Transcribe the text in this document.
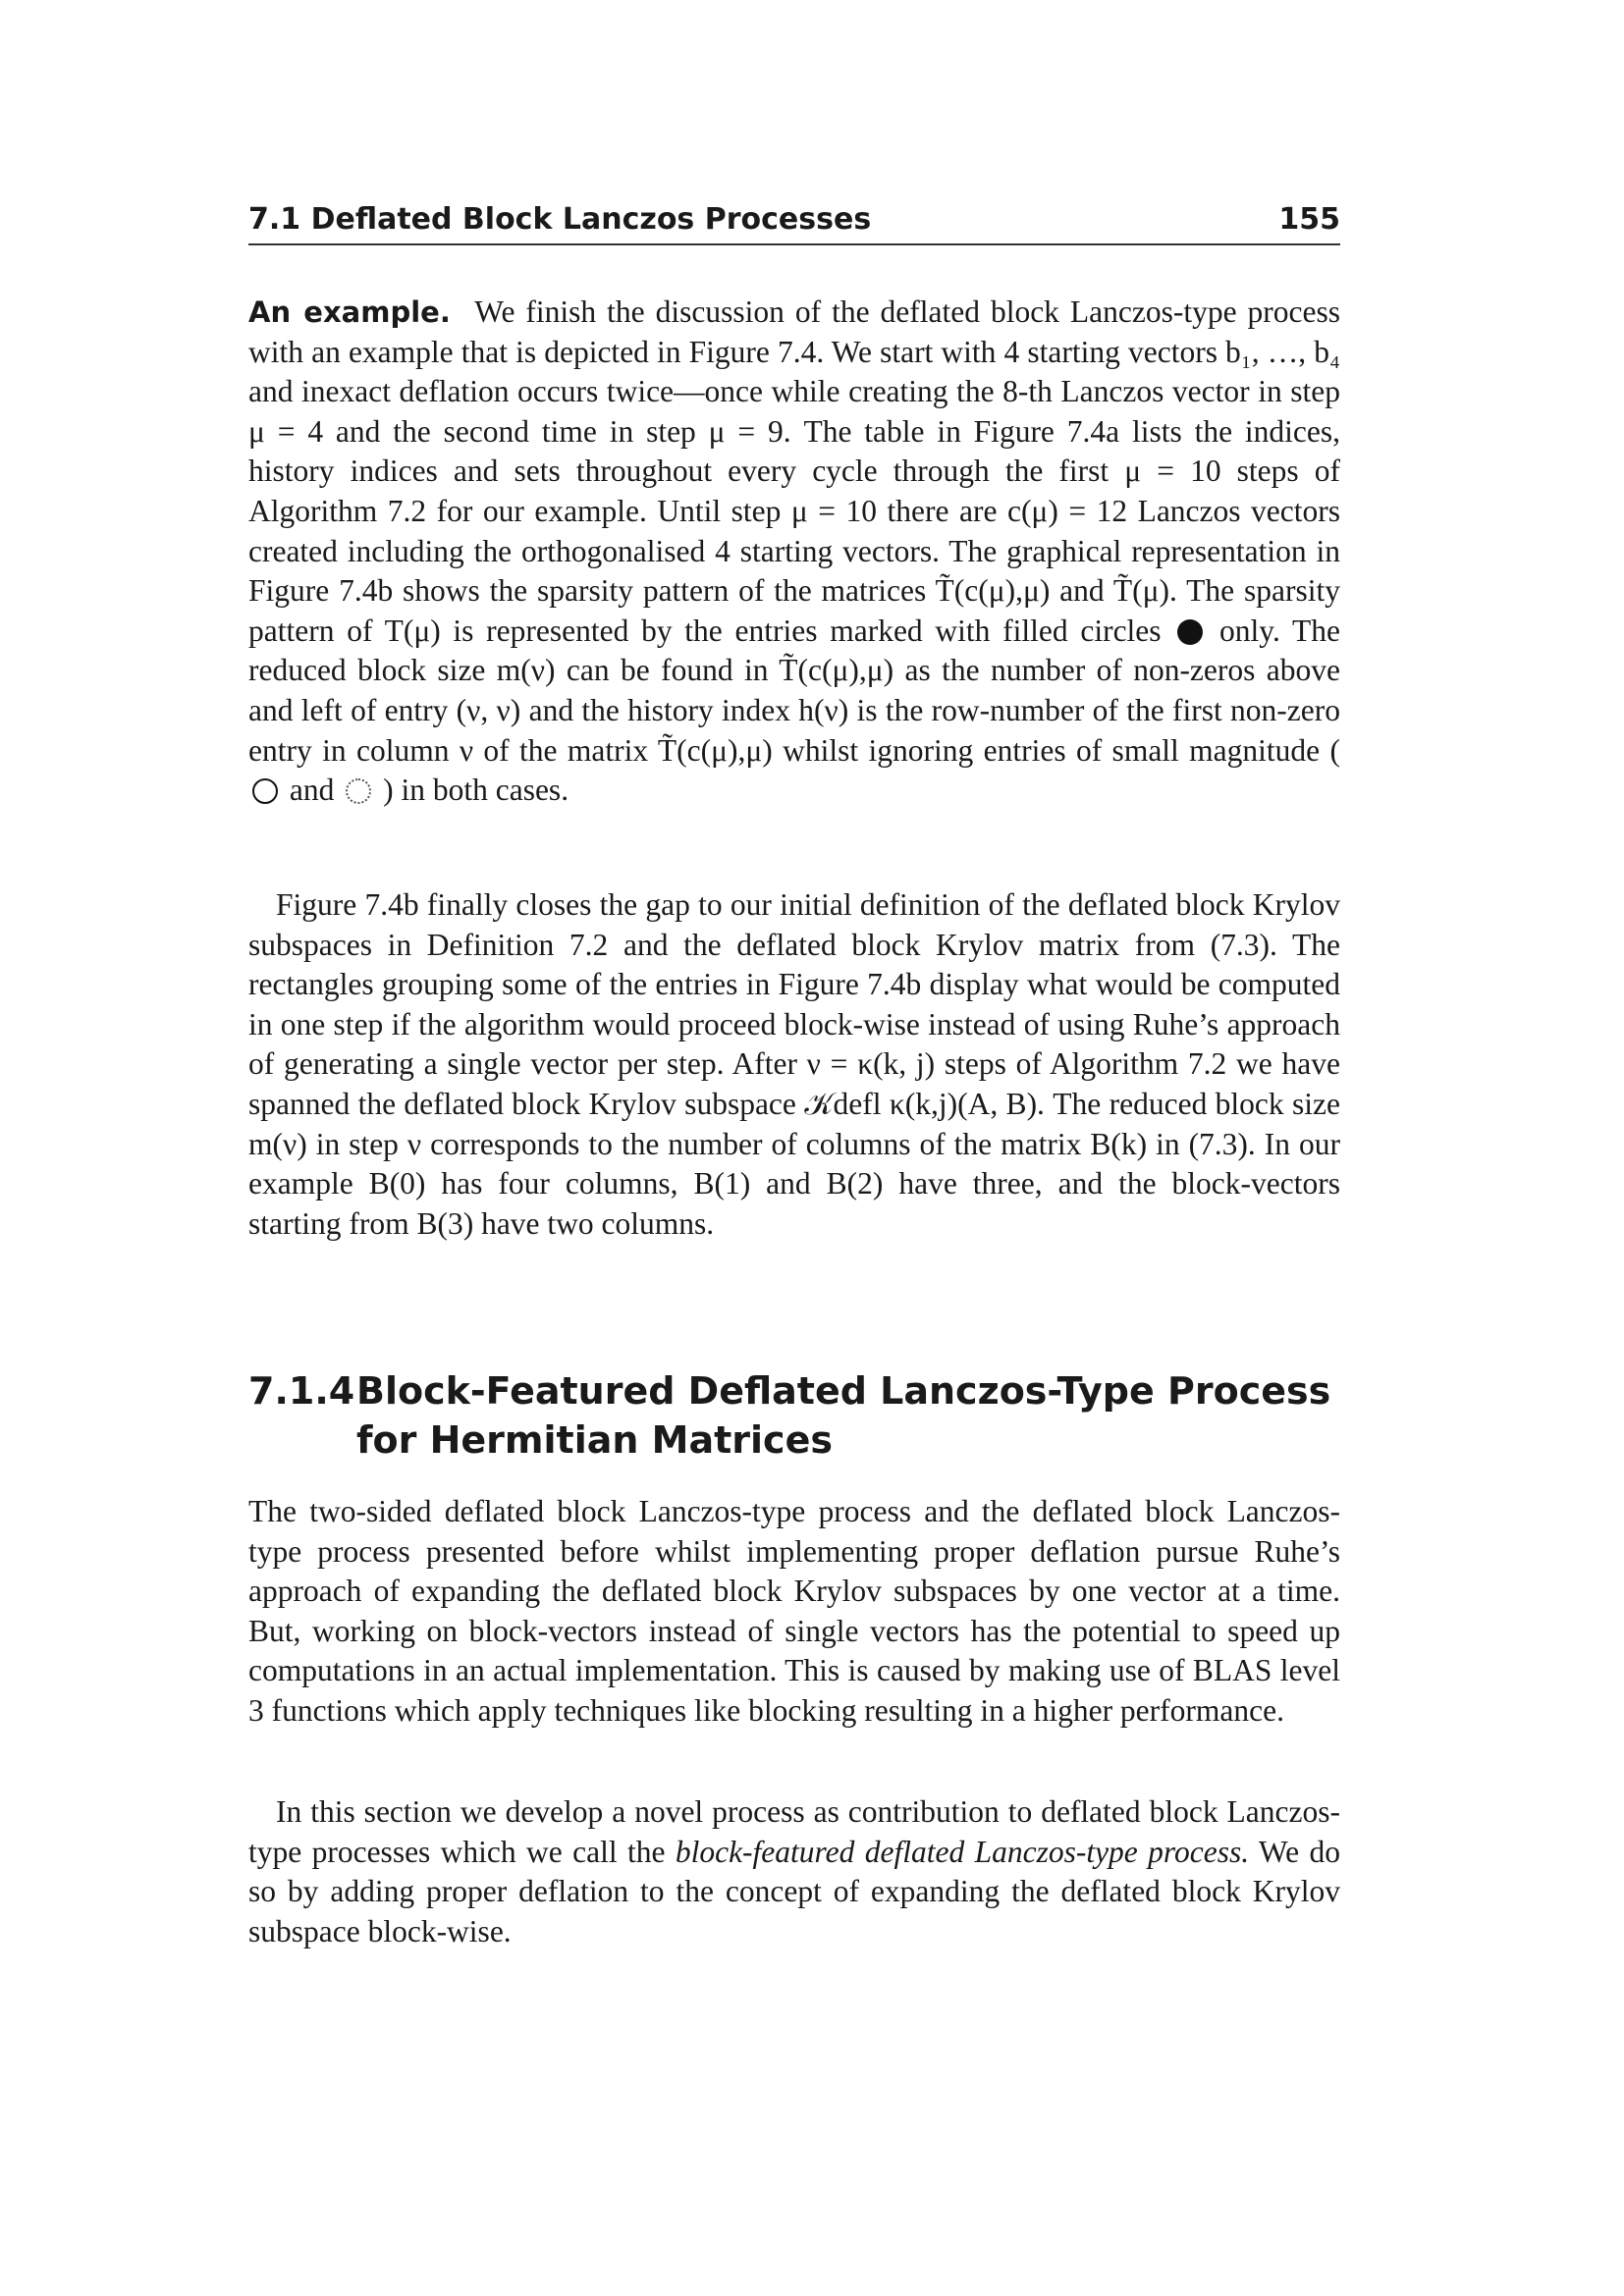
7.1 Deflated Block Lanczos Processes	155

An example. We finish the discussion of the deflated block Lanczos-type process with an example that is depicted in Figure 7.4. We start with 4 starting vectors b₁, …, b₄ and inexact deflation occurs twice—once while creating the 8-th Lanczos vector in step μ = 4 and the second time in step μ = 9. The table in Figure 7.4a lists the indices, history indices and sets throughout every cycle through the first μ = 10 steps of Algorithm 7.2 for our example. Until step μ = 10 there are c(μ) = 12 Lanczos vectors created including the orthogonalised 4 starting vectors. The graphical representation in Figure 7.4b shows the sparsity pattern of the matrices T̃(c(μ),μ) and T̃(μ). The sparsity pattern of T(μ) is represented by the entries marked with filled circles only. The reduced block size m(ν) can be found in T̃(c(μ),μ) as the number of non-zeros above and left of entry (ν, ν) and the history index h(ν) is the row-number of the first non-zero entry in column ν of the matrix T̃(c(μ),μ) whilst ignoring entries of small magnitude (  and ) in both cases.

Figure 7.4b finally closes the gap to our initial definition of the deflated block Krylov subspaces in Definition 7.2 and the deflated block Krylov matrix from (7.3). The rectangles grouping some of the entries in Figure 7.4b display what would be computed in one step if the algorithm would proceed block-wise instead of using Ruhe’s approach of generating a single vector per step. After ν = κ(k, j) steps of Algorithm 7.2 we have spanned the deflated block Krylov subspace 𝒦defl κ(k,j)(A, B). The reduced block size m(ν) in step ν corresponds to the number of columns of the matrix B(k) in (7.3). In our example B(0) has four columns, B(1) and B(2) have three, and the block-vectors starting from B(3) have two columns.

7.1.4 Block-Featured Deflated Lanczos-Type Process for Hermitian Matrices

The two-sided deflated block Lanczos-type process and the deflated block Lanczos-type process presented before whilst implementing proper deflation pursue Ruhe’s approach of expanding the deflated block Krylov subspaces by one vector at a time. But, working on block-vectors instead of single vectors has the potential to speed up computations in an actual implementation. This is caused by making use of BLAS level 3 functions which apply techniques like blocking resulting in a higher performance.

In this section we develop a novel process as contribution to deflated block Lanczos-type processes which we call the block-featured deflated Lanczos-type process. We do so by adding proper deflation to the concept of expanding the deflated block Krylov subspace block-wise.
